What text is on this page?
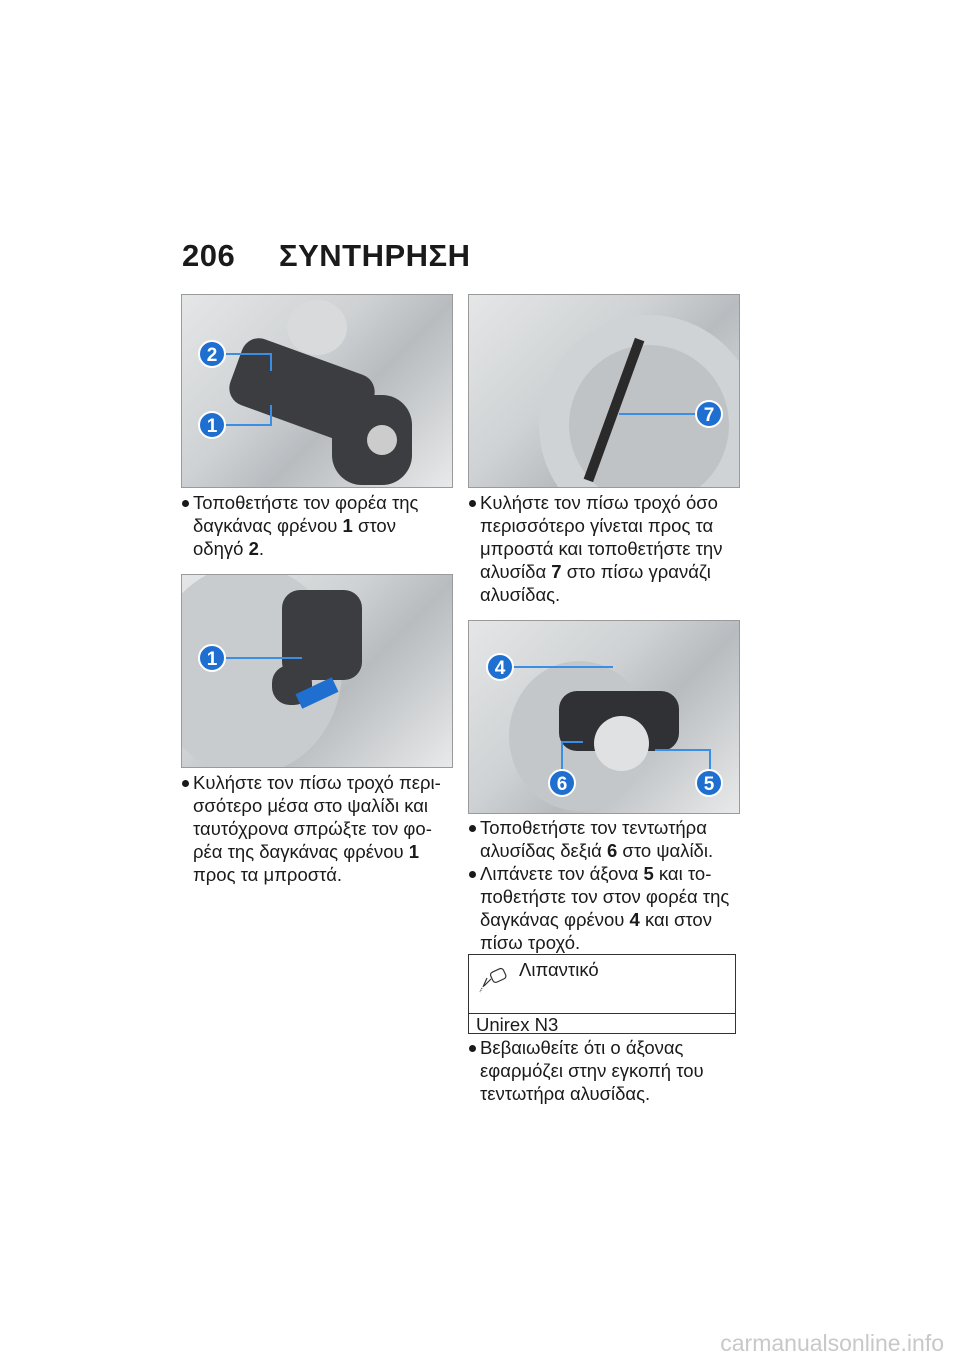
206 ΣΥΝΤΗΡΗΣΗ
2
1
1
7
4
6	5
Τοποθετήστε τον φορέα της
δαγκάνας φρένου 1 στον
οδηγό 2.
Κυλήστε τον πίσω τροχό περι-
σσότερο μέσα στο ψαλίδι και
ταυτόχρονα σπρώξτε τον φο-
ρέα της δαγκάνας φρένου 1
προς τα μπροστά.
Κυλήστε τον πίσω τροχό όσο
περισσότερο γίνεται προς τα
μπροστά και τοποθετήστε την
αλυσίδα 7 στο πίσω γρανάζι
αλυσίδας.
Τοποθετήστε τον τεντωτήρα
αλυσίδας δεξιά 6 στο ψαλίδι.
Λιπάνετε τον άξονα 5 και το-
ποθετήστε τον στον φορέα της
δαγκάνας φρένου 4 και στον
πίσω τροχό.
Λιπαντικό
Unirex N3
Βεβαιωθείτε ότι ο άξονας
εφαρμόζει στην εγκοπή του
τεντωτήρα αλυσίδας.
carmanualsonline.info
